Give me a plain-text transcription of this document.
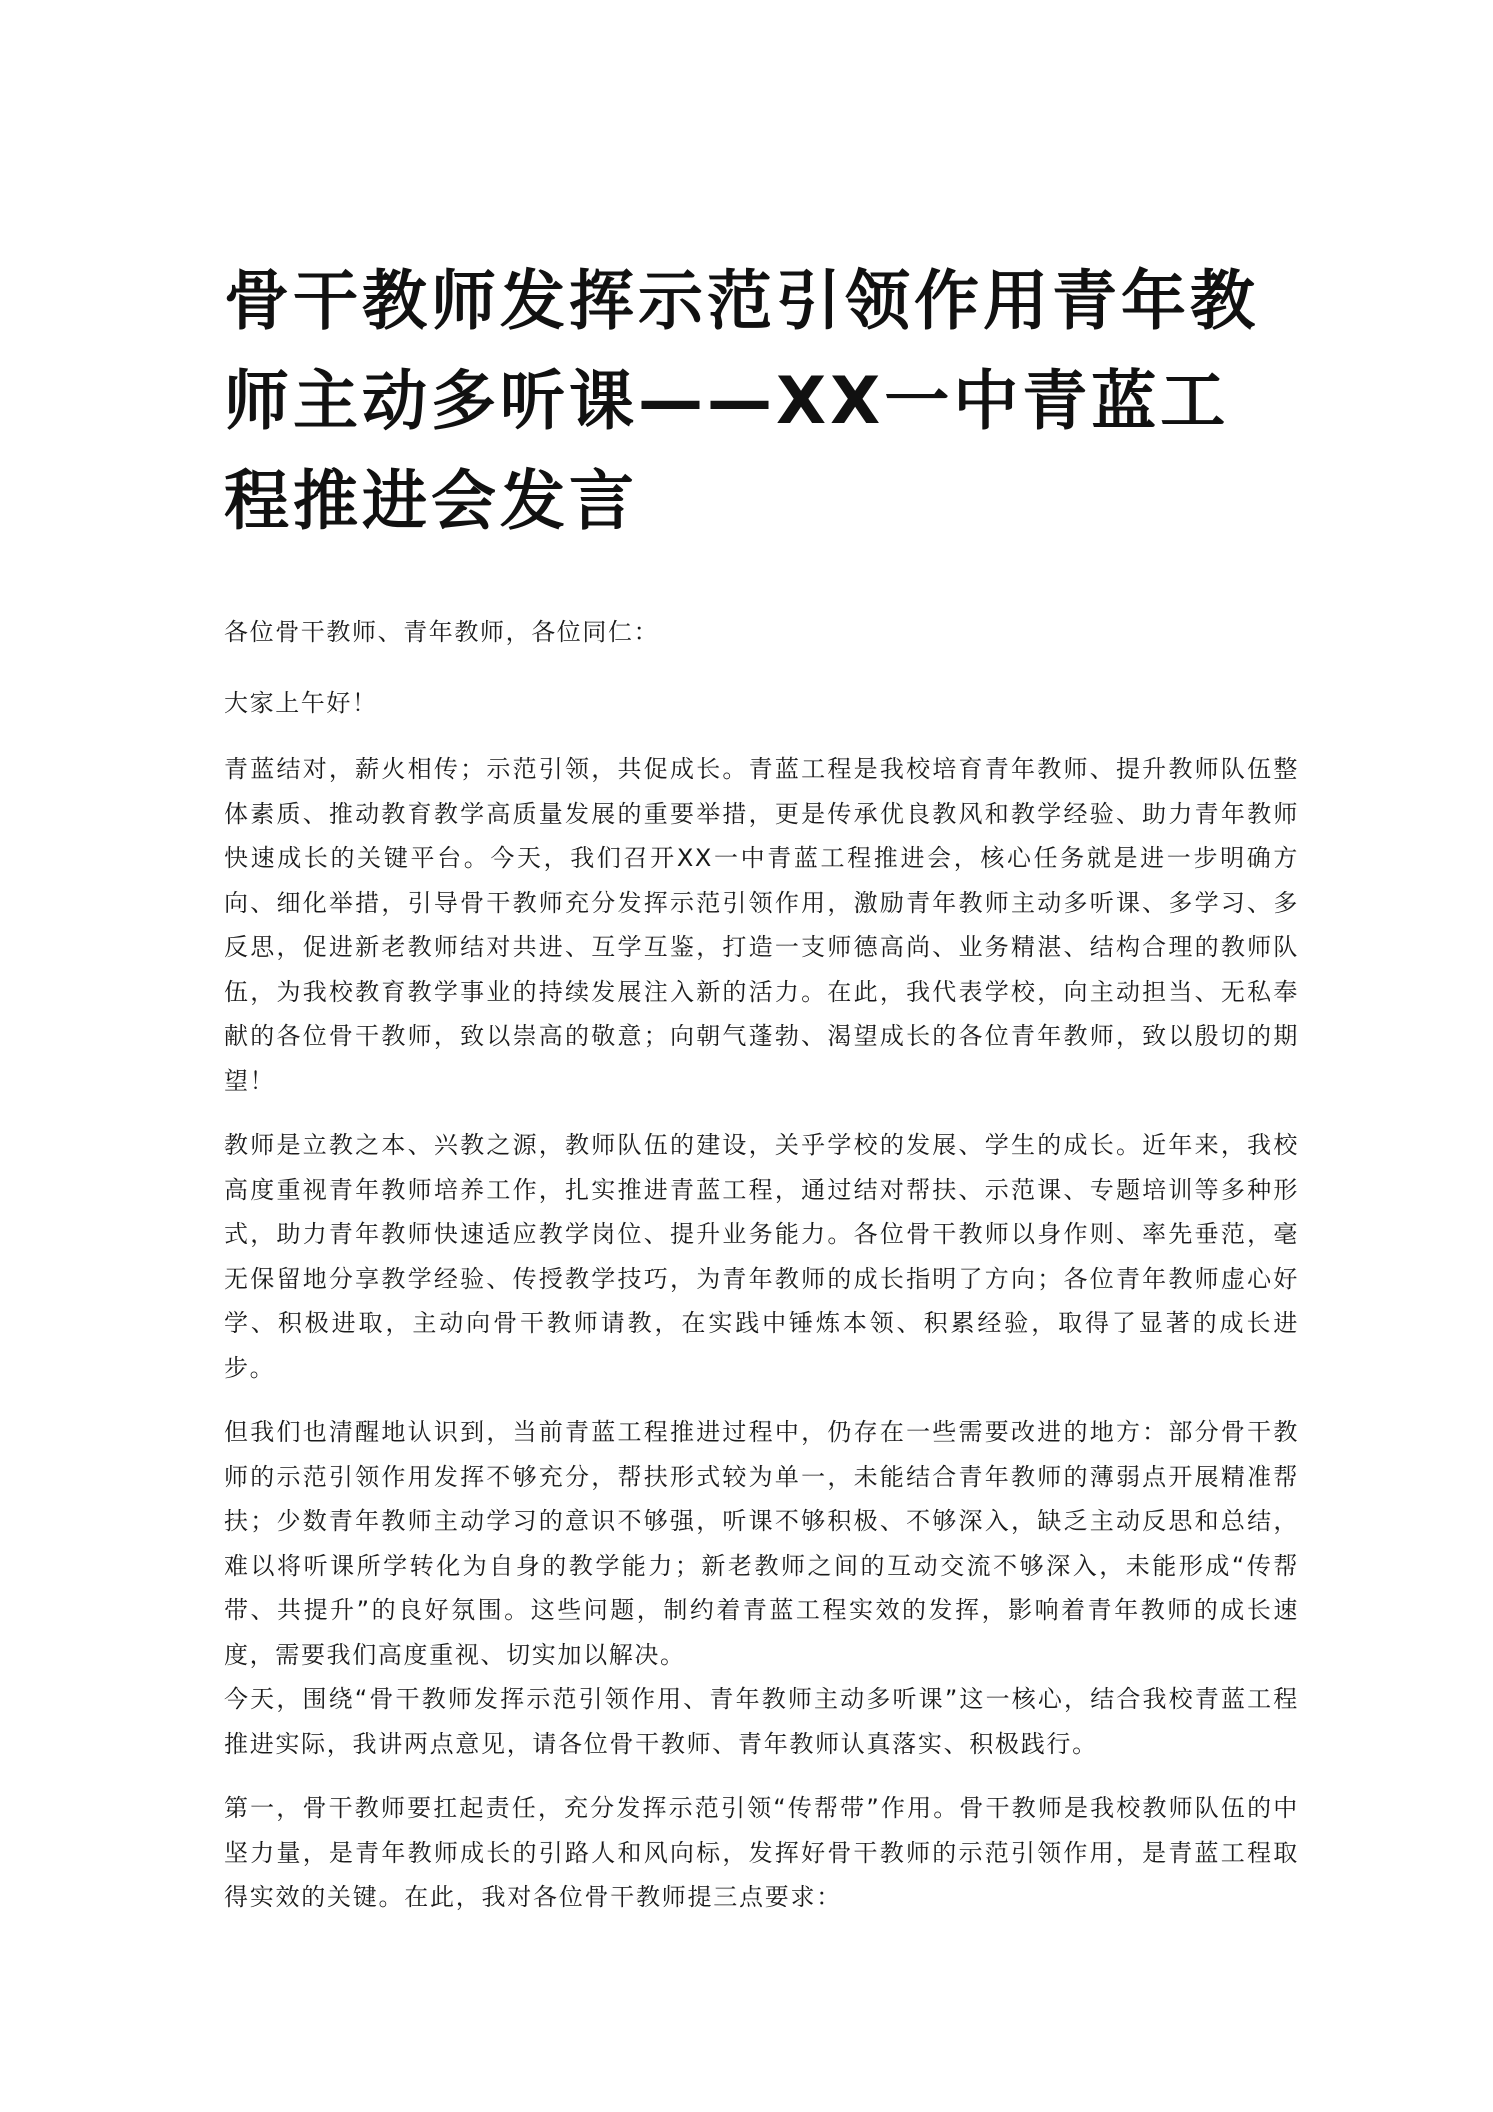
骨干教师发挥示范引领作用青年教师主动多听课——XX一中青蓝工程推进会发言

各位骨干教师、青年教师，各位同仁：

大家上午好！

青蓝结对，薪火相传；示范引领，共促成长。青蓝工程是我校培育青年教师、提升教师队伍整体素质、推动教育教学高质量发展的重要举措，更是传承优良教风和教学经验、助力青年教师快速成长的关键平台。今天，我们召开XX一中青蓝工程推进会，核心任务就是进一步明确方向、细化举措，引导骨干教师充分发挥示范引领作用，激励青年教师主动多听课、多学习、多反思，促进新老教师结对共进、互学互鉴，打造一支师德高尚、业务精湛、结构合理的教师队伍，为我校教育教学事业的持续发展注入新的活力。在此，我代表学校，向主动担当、无私奉献的各位骨干教师，致以崇高的敬意；向朝气蓬勃、渴望成长的各位青年教师，致以殷切的期望！

教师是立教之本、兴教之源，教师队伍的建设，关乎学校的发展、学生的成长。近年来，我校高度重视青年教师培养工作，扎实推进青蓝工程，通过结对帮扶、示范课、专题培训等多种形式，助力青年教师快速适应教学岗位、提升业务能力。各位骨干教师以身作则、率先垂范，毫无保留地分享教学经验、传授教学技巧，为青年教师的成长指明了方向；各位青年教师虚心好学、积极进取，主动向骨干教师请教，在实践中锤炼本领、积累经验，取得了显著的成长进步。

但我们也清醒地认识到，当前青蓝工程推进过程中，仍存在一些需要改进的地方：部分骨干教师的示范引领作用发挥不够充分，帮扶形式较为单一，未能结合青年教师的薄弱点开展精准帮扶；少数青年教师主动学习的意识不够强，听课不够积极、不够深入，缺乏主动反思和总结，难以将听课所学转化为自身的教学能力；新老教师之间的互动交流不够深入，未能形成“传帮带、共提升”的良好氛围。这些问题，制约着青蓝工程实效的发挥，影响着青年教师的成长速度，需要我们高度重视、切实加以解决。

今天，围绕“骨干教师发挥示范引领作用、青年教师主动多听课”这一核心，结合我校青蓝工程推进实际，我讲两点意见，请各位骨干教师、青年教师认真落实、积极践行。

第一，骨干教师要扛起责任，充分发挥示范引领“传帮带”作用。骨干教师是我校教师队伍的中坚力量，是青年教师成长的引路人和风向标，发挥好骨干教师的示范引领作用，是青蓝工程取得实效的关键。在此，我对各位骨干教师提三点要求：
